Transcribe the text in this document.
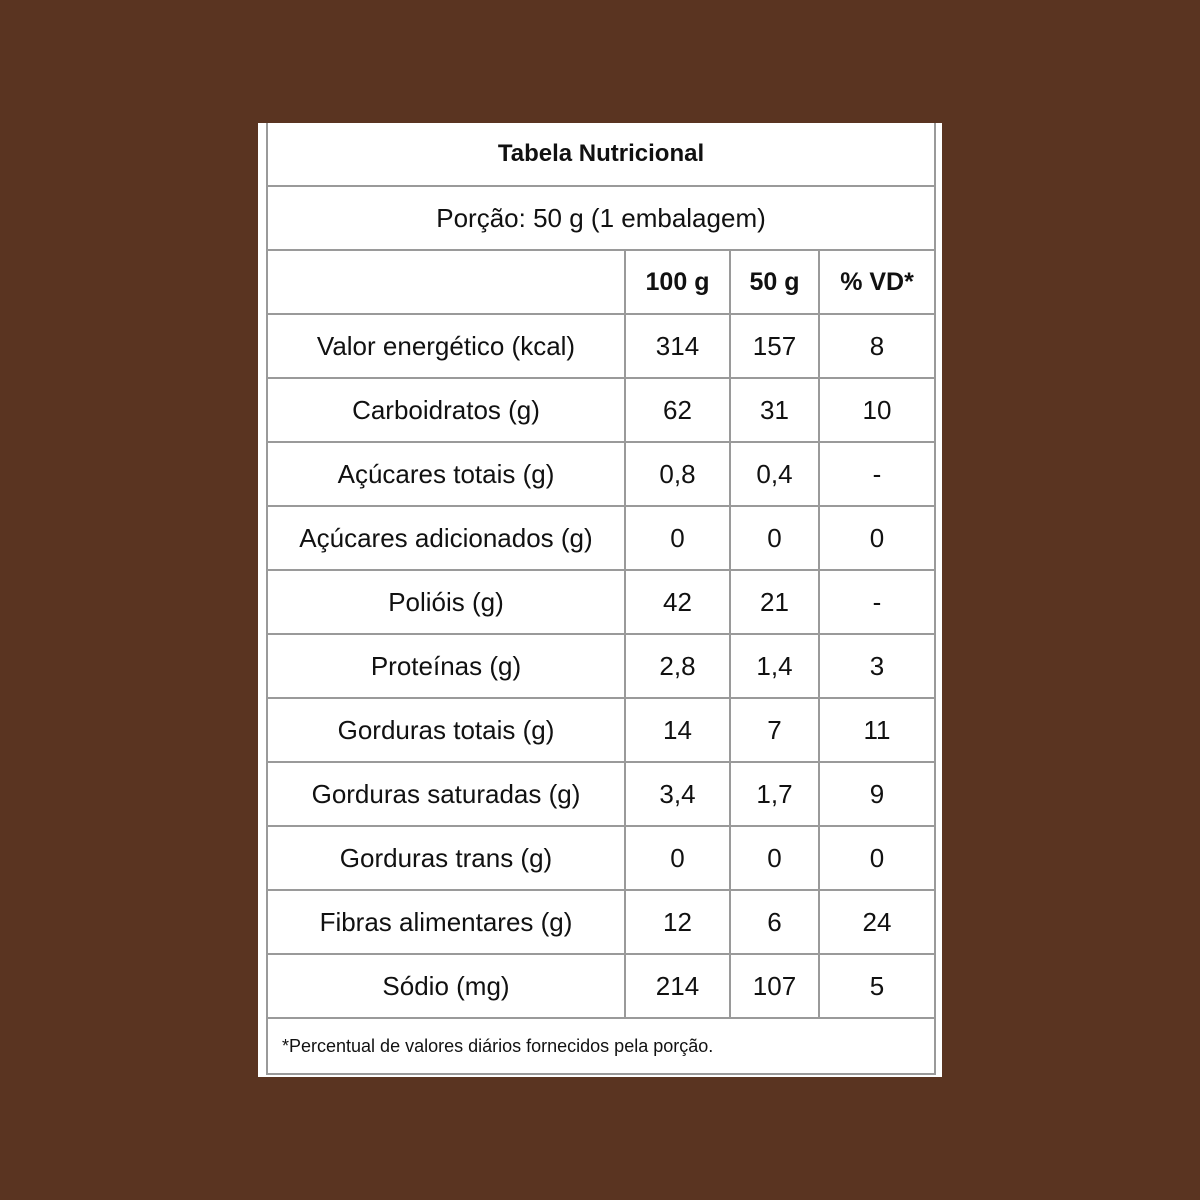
Tabela Nutricional			
Porção: 50 g (1 embalagem)			
	100 g	50 g	% VD*
Valor energético (kcal)	314	157	8
Carboidratos (g)	62	31	10
Açúcares totais (g)	0,8	0,4	-
Açúcares adicionados (g)	0	0	0
Polióis (g)	42	21	-
Proteínas (g)	2,8	1,4	3
Gorduras totais (g)	14	7	11
Gorduras saturadas (g)	3,4	1,7	9
Gorduras trans (g)	0	0	0
Fibras alimentares (g)	12	6	24
Sódio (mg)	214	107	5
*Percentual de valores diários fornecidos pela porção.			
